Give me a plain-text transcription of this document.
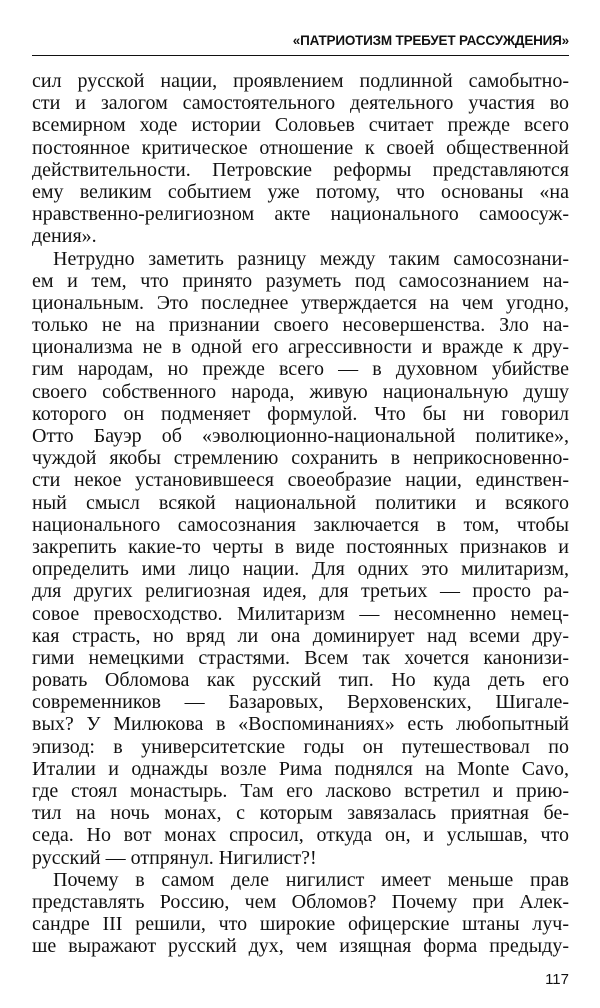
«ПАТРИОТИЗМ ТРЕБУЕТ РАССУЖДЕНИЯ»
сил русской нации, проявлением подлинной самобытно-
сти и залогом самостоятельного деятельного участия во
всемирном ходе истории Соловьев считает прежде всего
постоянное критическое отношение к своей общественной
действительности. Петровские реформы представляются
ему великим событием уже потому, что основаны «на
нравственно-религиозном акте национального самоосуж-
дения».
Нетрудно заметить разницу между таким самосознани-
ем и тем, что принято разуметь под самосознанием на-
циональным. Это последнее утверждается на чем угодно,
только не на признании своего несовершенства. Зло на-
ционализма не в одной его агрессивности и вражде к дру-
гим народам, но прежде всего — в духовном убийстве
своего собственного народа, живую национальную душу
которого он подменяет формулой. Что бы ни говорил
Отто Бауэр об «эволюционно-национальной политике»,
чуждой якобы стремлению сохранить в неприкосновенно-
сти некое установившееся своеобразие нации, единствен-
ный смысл всякой национальной политики и всякого
национального самосознания заключается в том, чтобы
закрепить какие-то черты в виде постоянных признаков и
определить ими лицо нации. Для одних это милитаризм,
для других религиозная идея, для третьих — просто ра-
совое превосходство. Милитаризм — несомненно немец-
кая страсть, но вряд ли она доминирует над всеми дру-
гими немецкими страстями. Всем так хочется канонизи-
ровать Обломова как русский тип. Но куда деть его
современников — Базаровых, Верховенских, Шигале-
вых? У Милюкова в «Воспоминаниях» есть любопытный
эпизод: в университетские годы он путешествовал по
Италии и однажды возле Рима поднялся на Monte Cavo,
где стоял монастырь. Там его ласково встретил и прию-
тил на ночь монах, с которым завязалась приятная бе-
седа. Но вот монах спросил, откуда он, и услышав, что
русский — отпрянул. Нигилист?!
Почему в самом деле нигилист имеет меньше прав
представлять Россию, чем Обломов? Почему при Алек-
сандре III решили, что широкие офицерские штаны луч-
ше выражают русский дух, чем изящная форма предыду-
117
